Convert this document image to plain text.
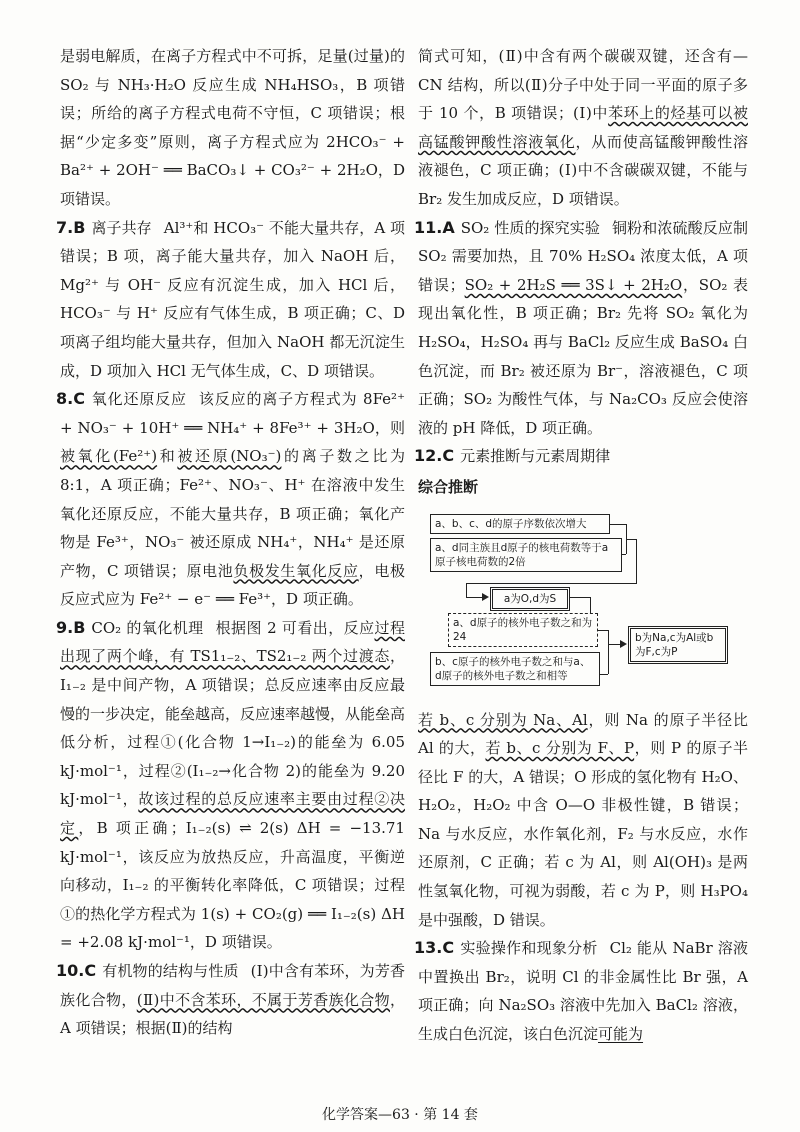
是弱电解质，在离子方程式中不可拆，足量(过量)的 SO₂ 与 NH₃·H₂O 反应生成 NH₄HSO₃，B 项错误；所给的离子方程式电荷不守恒，C 项错误；根据“少定多变”原则，离子方程式应为 2HCO₃⁻ + Ba²⁺ + 2OH⁻ ══ BaCO₃↓ + CO₃²⁻ + 2H₂O，D 项错误。

7.B 离子共存 Al³⁺和 HCO₃⁻ 不能大量共存，A 项错误；B 项，离子能大量共存，加入 NaOH 后，Mg²⁺ 与 OH⁻ 反应有沉淀生成，加入 HCl 后，HCO₃⁻ 与 H⁺ 反应有气体生成，B 项正确；C、D 项离子组均能大量共存，但加入 NaOH 都无沉淀生成，D 项加入 HCl 无气体生成，C、D 项错误。

8.C 氧化还原反应 该反应的离子方程式为 8Fe²⁺ + NO₃⁻ + 10H⁺ ══ NH₄⁺ + 8Fe³⁺ + 3H₂O，则被氧化(Fe²⁺)和被还原(NO₃⁻)的离子数之比为 8:1，A 项正确；Fe²⁺、NO₃⁻、H⁺ 在溶液中发生氧化还原反应，不能大量共存，B 项正确；氧化产物是 Fe³⁺，NO₃⁻ 被还原成 NH₄⁺，NH₄⁺ 是还原产物，C 项错误；原电池负极发生氧化反应，电极反应式应为 Fe²⁺ − e⁻ ══ Fe³⁺，D 项正确。

9.B CO₂ 的氧化机理 根据图 2 可看出，反应过程出现了两个峰，有 TS1₁₋₂、TS2₁₋₂ 两个过渡态，I₁₋₂ 是中间产物，A 项错误；总反应速率由反应最慢的一步决定，能垒越高，反应速率越慢，从能垒高低分析，过程①(化合物 1→I₁₋₂)的能垒为 6.05 kJ·mol⁻¹，过程②(I₁₋₂→化合物 2)的能垒为 9.20 kJ·mol⁻¹，故该过程的总反应速率主要由过程②决定，B 项正确；I₁₋₂(s) ⇌ 2(s) ΔH = −13.71 kJ·mol⁻¹，该反应为放热反应，升高温度，平衡逆向移动，I₁₋₂ 的平衡转化率降低，C 项错误；过程①的热化学方程式为 1(s) + CO₂(g) ══ I₁₋₂(s) ΔH = +2.08 kJ·mol⁻¹，D 项错误。

10.C 有机物的结构与性质 (Ⅰ)中含有苯环，为芳香族化合物，(Ⅱ)中不含苯环，不属于芳香族化合物，A 项错误；根据(Ⅱ)的结构

简式可知，(Ⅱ)中含有两个碳碳双键，还含有—CN 结构，所以(Ⅱ)分子中处于同一平面的原子多于 10 个，B 项错误；(Ⅰ)中苯环上的烃基可以被高锰酸钾酸性溶液氧化，从而使高锰酸钾酸性溶液褪色，C 项正确；(Ⅰ)中不含碳碳双键，不能与 Br₂ 发生加成反应，D 项错误。

11.A SO₂ 性质的探究实验 铜粉和浓硫酸反应制 SO₂ 需要加热，且 70% H₂SO₄ 浓度太低，A 项错误；SO₂ + 2H₂S ══ 3S↓ + 2H₂O，SO₂ 表现出氧化性，B 项正确；Br₂ 先将 SO₂ 氧化为 H₂SO₄，H₂SO₄ 再与 BaCl₂ 反应生成 BaSO₄ 白色沉淀，而 Br₂ 被还原为 Br⁻，溶液褪色，C 项正确；SO₂ 为酸性气体，与 Na₂CO₃ 反应会使溶液的 pH 降低，D 项正确。

12.C 元素推断与元素周期律

综合推断

a、b、c、d的原子序数依次增大
a、d同主族且d原子的核电荷数等于a原子核电荷数的2倍
a为O,d为S
a、d原子的核外电子数之和为24
b、c原子的核外电子数之和与a、d原子的核外电子数之和相等
b为Na,c为Al或b为F,c为P

若 b、c 分别为 Na、Al，则 Na 的原子半径比 Al 的大，若 b、c 分别为 F、P，则 P 的原子半径比 F 的大，A 错误；O 形成的氢化物有 H₂O、H₂O₂，H₂O₂ 中含 O—O 非极性键，B 错误；Na 与水反应，水作氧化剂，F₂ 与水反应，水作还原剂，C 正确；若 c 为 Al，则 Al(OH)₃ 是两性氢氧化物，可视为弱酸，若 c 为 P，则 H₃PO₄ 是中强酸，D 错误。

13.C 实验操作和现象分析 Cl₂ 能从 NaBr 溶液中置换出 Br₂，说明 Cl 的非金属性比 Br 强，A 项正确；向 Na₂SO₃ 溶液中先加入 BaCl₂ 溶液，生成白色沉淀，该白色沉淀可能为

化学答案—63 · 第 14 套
